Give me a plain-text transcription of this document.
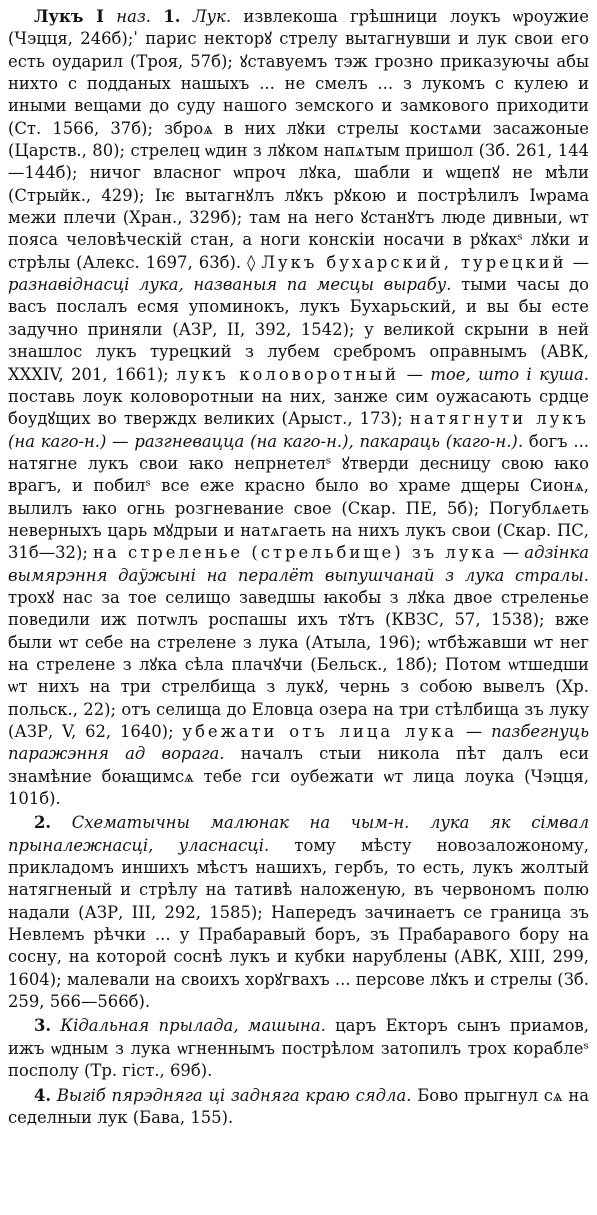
Лукъ І наз. 1. Лук. извлекоша грѣшници лоукъ ѡроужие (Чэцця, 246б);ˈ парис некторꙋ стрелу вытагнувши и лук свои его есть оударил (Троя, 57б); ꙋставуемъ тэж грозно приказуючы абы нихто с подданых нашыхъ ... не смелъ ... з лукомъ с кулею и иными вещами до суду нашого земского и замкового приходити (Ст. 1566, 37б); зброѧ в них лꙋки стрелы костѧми засажоные (Царств., 80); стрелец ѡдин з лꙋком напѧтым пришол (Зб. 261, 144—144б); ничог власног ѡпроч лꙋка, шабли и ѡщепꙋ не мѣли (Стрыйк., 429); Іѥ вытагнꙋлъ лꙋкъ рꙋкою и пострѣлилъ Іѡрама межи плечи (Хран., 329б); там на него ꙋстанꙋтъ люде дивныи, ѡт пояса человѣческій стан, а ноги конскіи носачи в рꙋкахˢ лꙋки и стрѣлы (Алекс. 1697, 63б). ◊ Лукъ бухарский, турецкий — разнавіднасці лука, названыя па месцы вырабу. тыми часы до васъ послалъ есмя упоминокъ, лукъ Бухарьский, и вы бы есте задучно приняли (АЗР, II, 392, 1542); у великой скрыни в ней знашлос лукъ турецкий з лубем сребромъ оправнымъ (АВК, XXXIV, 201, 1661); лукъ коловоротный — тое, што і куша. поставь лоук коловоротныи на них, занже сим оужасають срдце боудꙋщих во тверждх великих (Арыст., 173); натягнути лукъ (на каго-н.) — разгневацца (на каго-н.), пакараць (каго-н.). богъ ... натягне лукъ свои ꙗко непрнетелˢ ꙋтверди десницу свою ꙗко врагъ, и побилˢ все еже красно было во храме дщеры Сионѧ, вылилъ ꙗко огнь розгневание свое (Скар. ПЕ, 5б); Погублѧеть неверныхъ царь мꙋдрыи и натѧгаеть на нихъ лукъ свои (Скар. ПС, 31б—32); на стреленье (стрельбище) зъ лука — адзінка вымярэння даўжыні на пералёт выпушчанай з лука стралы. трохꙋ нас за тое селищо заведшы ꙗкобы з лꙋка двое стреленье поведили иж потѡлъ роспашы ихъ тꙋтъ (КВЗС, 57, 1538); вже были ѡт себе на стрелене з лука (Атыла, 196); ѡтбѣжавши ѡт нег на стрелене з лꙋка сѣла плачꙋчи (Бельск., 18б); Потом ѡтшедши ѡт нихъ на три стрелбища з лукꙋ, чернь з собою вывелъ (Хр. польск., 22); отъ селища до Еловца озера на три стѣлбища зъ луку (АЗР, V, 62, 1640); убежати отъ лица лука — пазбегнуць паражэння ад ворага. началъ стыи никола пѣт далъ еси знамѣние боꙗщимсѧ тебе гси оубежати ѡт лица лоука (Чэцця, 101б).

2. Схематычны малюнак на чым-н. лука як сімвал прыналежнасці, уласнасці. тому мѣсту новозаложоному, прикладомъ иншихъ мѣстъ нашихъ, гербъ, то есть, лукъ жолтый натягненый и стрѣлу на тативѣ наложеную, въ червономъ полю надали (АЗР, III, 292, 1585); Напередъ зачинаетъ се граница зъ Невлемъ рѣчки ... у Прабаравый боръ, зъ Прабаравого бору на сосну, на которой соснѣ лукъ и кубки нарублены (АВК, XIII, 299, 1604); малевали на своихъ хорꙋгвахъ ... персове лꙋкъ и стрелы (Зб. 259, 566—566б).

3. Кідальная прылада, машына. царъ Екторъ сынъ приамов, ижъ ѡдным з лука ѡгненнымъ пострѣлом затопилъ трох кораблеˢ посполу (Тр. гіст., 69б).

4. Выгіб пярэдняга ці задняга краю сядла. Бово прыгнул сѧ на седелныи лук (Бава, 155).
